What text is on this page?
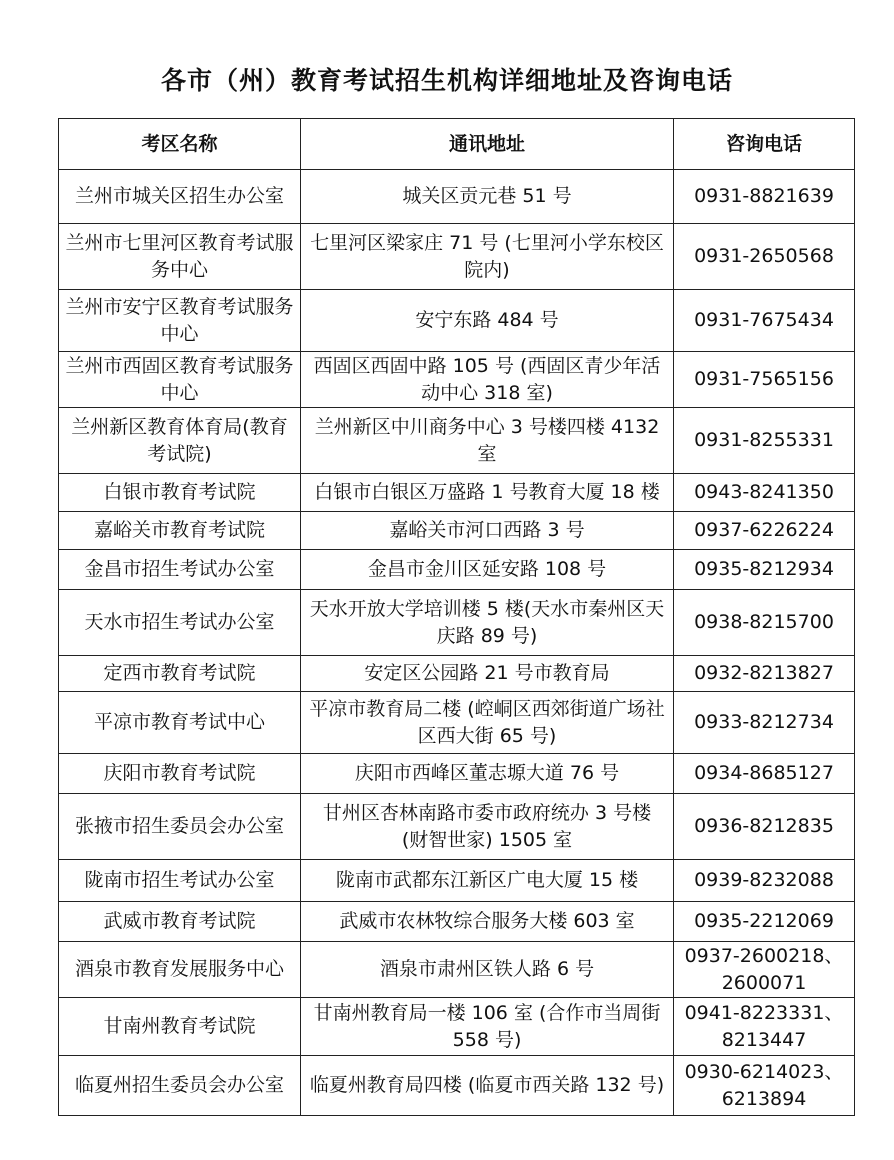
各市（州）教育考试招生机构详细地址及咨询电话
考区名称	通讯地址	咨询电话
兰州市城关区招生办公室	城关区贡元巷 51 号	0931-8821639
兰州市七里河区教育考试服务中心	七里河区梁家庄 71 号 (七里河小学东校区院内)	0931-2650568
兰州市安宁区教育考试服务中心	安宁东路 484 号	0931-7675434
兰州市西固区教育考试服务中心	西固区西固中路 105 号 (西固区青少年活动中心 318 室)	0931-7565156
兰州新区教育体育局(教育考试院)	兰州新区中川商务中心 3 号楼四楼 4132 室	0931-8255331
白银市教育考试院	白银市白银区万盛路 1 号教育大厦 18 楼	0943-8241350
嘉峪关市教育考试院	嘉峪关市河口西路 3 号	0937-6226224
金昌市招生考试办公室	金昌市金川区延安路 108 号	0935-8212934
天水市招生考试办公室	天水开放大学培训楼 5 楼(天水市秦州区天庆路 89 号)	0938-8215700
定西市教育考试院	安定区公园路 21 号市教育局	0932-8213827
平凉市教育考试中心	平凉市教育局二楼 (崆峒区西郊街道广场社区西大街 65 号)	0933-8212734
庆阳市教育考试院	庆阳市西峰区董志塬大道 76 号	0934-8685127
张掖市招生委员会办公室	甘州区杏林南路市委市政府统办 3 号楼 (财智世家) 1505 室	0936-8212835
陇南市招生考试办公室	陇南市武都东江新区广电大厦 15 楼	0939-8232088
武威市教育考试院	武威市农林牧综合服务大楼 603 室	0935-2212069
酒泉市教育发展服务中心	酒泉市肃州区铁人路 6 号	0937-2600218、2600071
甘南州教育考试院	甘南州教育局一楼 106 室 (合作市当周街 558 号)	0941-8223331、8213447
临夏州招生委员会办公室	临夏州教育局四楼 (临夏市西关路 132 号)	0930-6214023、6213894
